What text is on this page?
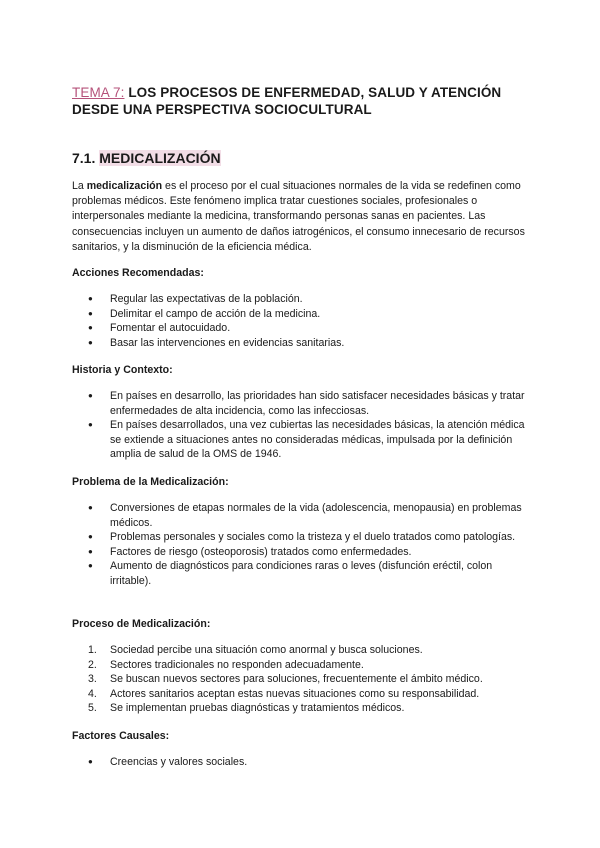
TEMA 7: LOS PROCESOS DE ENFERMEDAD, SALUD Y ATENCIÓN
DESDE UNA PERSPECTIVA SOCIOCULTURAL
7.1. MEDICALIZACIÓN
La medicalización es el proceso por el cual situaciones normales de la vida se redefinen como problemas médicos. Este fenómeno implica tratar cuestiones sociales, profesionales o interpersonales mediante la medicina, transformando personas sanas en pacientes. Las consecuencias incluyen un aumento de daños iatrogénicos, el consumo innecesario de recursos sanitarios, y la disminución de la eficiencia médica.
Acciones Recomendadas:
● Regular las expectativas de la población.
● Delimitar el campo de acción de la medicina.
● Fomentar el autocuidado.
● Basar las intervenciones en evidencias sanitarias.
Historia y Contexto:
● En países en desarrollo, las prioridades han sido satisfacer necesidades básicas y tratar enfermedades de alta incidencia, como las infecciosas.
● En países desarrollados, una vez cubiertas las necesidades básicas, la atención médica se extiende a situaciones antes no consideradas médicas, impulsada por la definición amplia de salud de la OMS de 1946.
Problema de la Medicalización:
● Conversiones de etapas normales de la vida (adolescencia, menopausia) en problemas médicos.
● Problemas personales y sociales como la tristeza y el duelo tratados como patologías.
● Factores de riesgo (osteoporosis) tratados como enfermedades.
● Aumento de diagnósticos para condiciones raras o leves (disfunción eréctil, colon irritable).
Proceso de Medicalización:
1. Sociedad percibe una situación como anormal y busca soluciones.
2. Sectores tradicionales no responden adecuadamente.
3. Se buscan nuevos sectores para soluciones, frecuentemente el ámbito médico.
4. Actores sanitarios aceptan estas nuevas situaciones como su responsabilidad.
5. Se implementan pruebas diagnósticas y tratamientos médicos.
Factores Causales:
● Creencias y valores sociales.
